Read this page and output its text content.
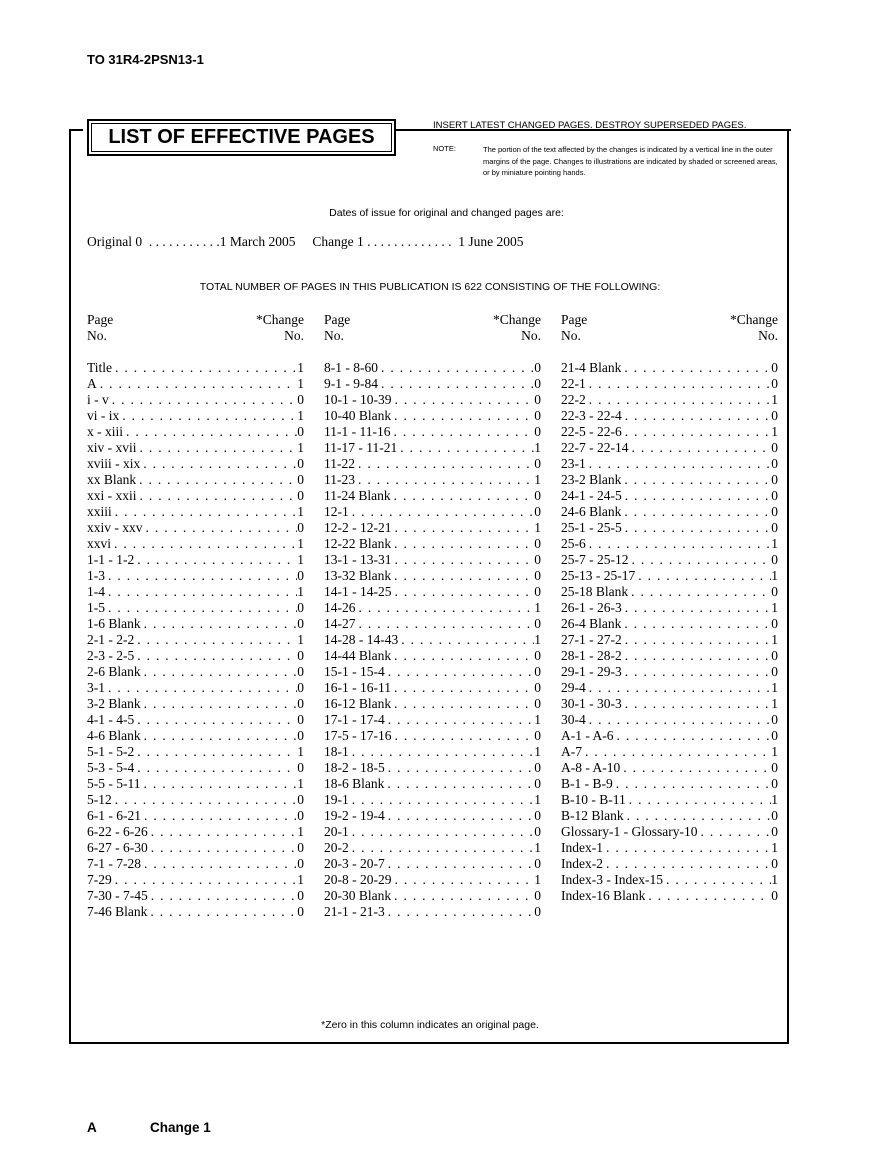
TO 31R4-2PSN13-1
LIST OF EFFECTIVE PAGES
INSERT LATEST CHANGED PAGES. DESTROY SUPERSEDED PAGES.
NOTE:	The portion of the text affected by the changes is indicated by a vertical line in the outer margins of the page. Changes to illustrations are indicated by shaded or screened areas, or by miniature pointing hands.
Dates of issue for original and changed pages are:
Original 0  . . . . . . . . . . .1 March 2005     Change 1 . . . . . . . . . . . . .  1 June 2005
TOTAL NUMBER OF PAGES IN THIS PUBLICATION IS 622 CONSISTING OF THE FOLLOWING:
Page
No.
*Change
No.
Title . . .	1
A . . .	1
i - v . . .	0
vi - ix . . .	1
x - xiii . . .	0
xiv - xvii . . .	1
xviii - xix . . .	0
xx Blank . . .	0
xxi - xxii . . .	0
xxiii . . .	1
xxiv - xxv . . .	0
xxvi . . .	1
1-1 - 1-2 . . .	1
1-3 . . .	0
1-4 . . .	1
1-5 . . .	0
1-6 Blank . . .	0
2-1 - 2-2 . . .	1
2-3 - 2-5 . . .	0
2-6 Blank . . .	0
3-1 . . .	0
3-2 Blank . . .	0
4-1 - 4-5 . . .	0
4-6 Blank . . .	0
5-1 - 5-2 . . .	1
5-3 - 5-4 . . .	0
5-5 - 5-11 . . .	1
5-12 . . .	0
6-1 - 6-21 . . .	0
6-22 - 6-26 . . .	1
6-27 - 6-30 . . .	0
7-1 - 7-28 . . .	0
7-29 . . .	1
7-30 - 7-45 . . .	0
7-46 Blank . . .	0
Page
No.
*Change
No.
8-1 - 8-60 . . .	0
9-1 - 9-84 . . .	0
10-1 - 10-39 . . .	0
10-40 Blank . . .	0
11-1 - 11-16 . . .	0
11-17 - 11-21 . . .	1
11-22 . . .	0
11-23 . . .	1
11-24 Blank . . .	0
12-1 . . .	0
12-2 - 12-21 . . .	1
12-22 Blank . . .	0
13-1 - 13-31 . . .	0
13-32 Blank . . .	0
14-1 - 14-25 . . .	0
14-26 . . .	1
14-27 . . .	0
14-28 - 14-43 . . .	1
14-44 Blank . . .	0
15-1 - 15-4 . . .	0
16-1 - 16-11 . . .	0
16-12 Blank . . .	0
17-1 - 17-4 . . .	1
17-5 - 17-16 . . .	0
18-1 . . .	1
18-2 - 18-5 . . .	0
18-6 Blank . . .	0
19-1 . . .	1
19-2 - 19-4 . . .	0
20-1 . . .	0
20-2 . . .	1
20-3 - 20-7 . . .	0
20-8 - 20-29 . . .	1
20-30 Blank . . .	0
21-1 - 21-3 . . .	0
Page
No.
*Change
No.
21-4 Blank . . .	0
22-1 . . .	0
22-2 . . .	1
22-3 - 22-4 . . .	0
22-5 - 22-6 . . .	1
22-7 - 22-14 . . .	0
23-1 . . .	0
23-2 Blank . . .	0
24-1 - 24-5 . . .	0
24-6 Blank . . .	0
25-1 - 25-5 . . .	0
25-6 . . .	1
25-7 - 25-12 . . .	0
25-13 - 25-17 . . .	1
25-18 Blank . . .	0
26-1 - 26-3 . . .	1
26-4 Blank . . .	0
27-1 - 27-2 . . .	1
28-1 - 28-2 . . .	0
29-1 - 29-3 . . .	0
29-4 . . .	1
30-1 - 30-3 . . .	1
30-4 . . .	0
A-1 - A-6 . . .	0
A-7 . . .	1
A-8 - A-10 . . .	0
B-1 - B-9 . . .	0
B-10 - B-11 . . .	1
B-12 Blank . . .	0
Glossary-1 - Glossary-10 . . .	0
Index-1 . . .	1
Index-2 . . .	0
Index-3 - Index-15 . . .	1
Index-16 Blank . . .	0
*Zero in this column indicates an original page.
A	Change 1
